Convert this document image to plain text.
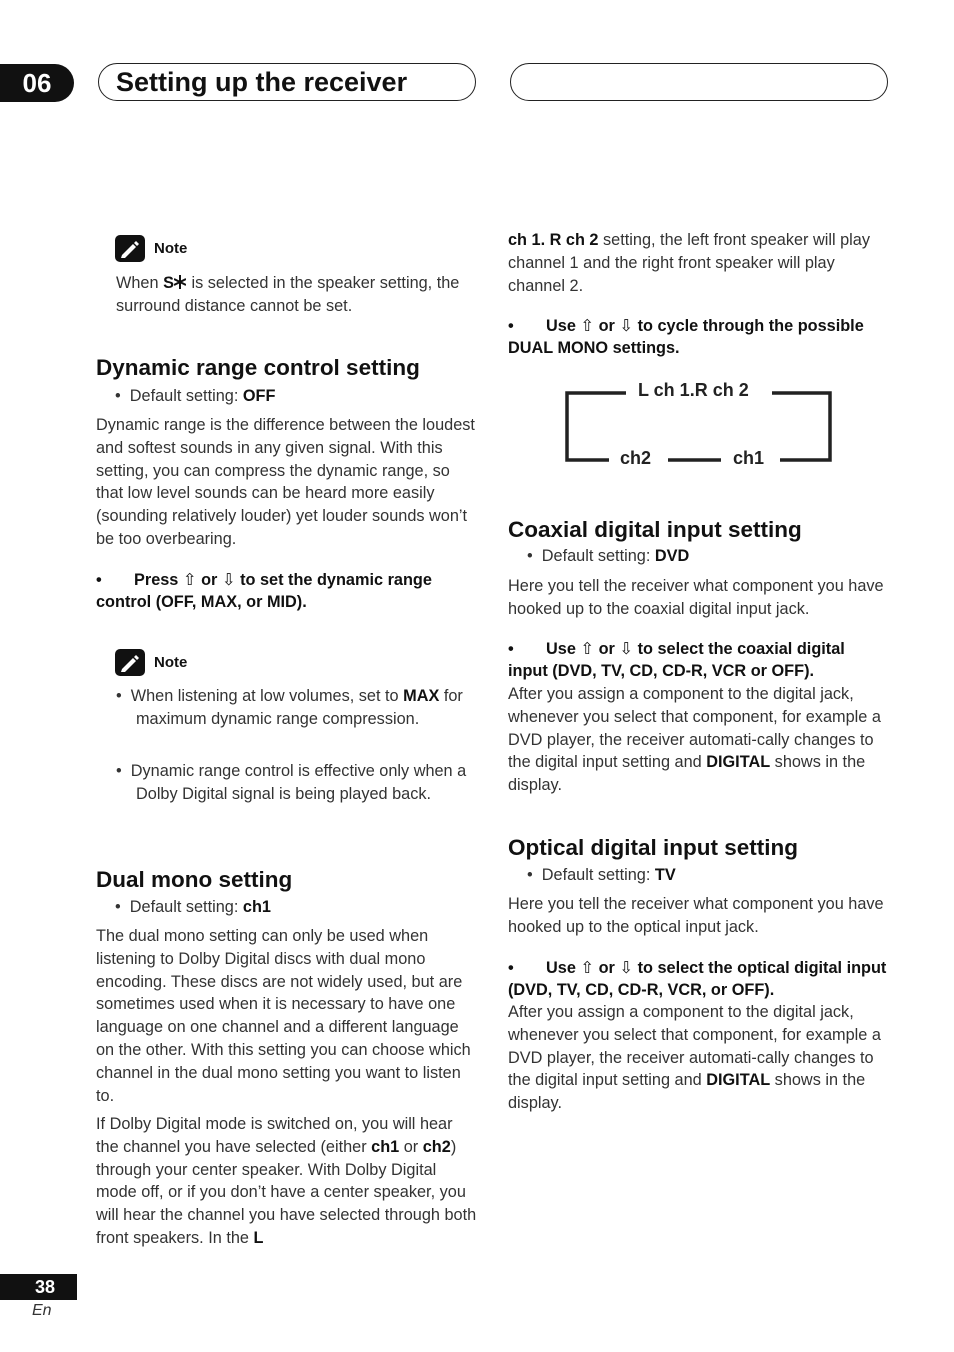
06	Setting up the receiver
Note

When S is selected in the speaker setting, the surround distance cannot be set.

Dynamic range control setting

•  Default setting: OFF

Dynamic range is the difference between the loudest and softest sounds in any given signal. With this setting, you can compress the dynamic range, so that low level sounds can be heard more easily (sounding relatively louder) yet louder sounds won’t be too overbearing.

• Press ⇧ or ⇩ to set the dynamic range control (OFF, MAX, or MID).

Note

•  When listening at low volumes, set to MAX for maximum dynamic range compression.

•  Dynamic range control is effective only when a Dolby Digital signal is being played back.

Dual mono setting

•  Default setting: ch1

The dual mono setting can only be used when listening to Dolby Digital discs with dual mono encoding. These discs are not widely used, but are sometimes used when it is necessary to have one language on one channel and a different language on the other. With this setting you can choose which channel in the dual mono setting you want to listen to.

If Dolby Digital mode is switched on, you will hear the channel you have selected (either ch1 or ch2) through your center speaker. With Dolby Digital mode off, or if you don’t have a center speaker, you will hear the channel you have selected through both front speakers. In the L

ch 1. R ch 2 setting, the left front speaker will play channel 1 and the right front speaker will play channel 2.

• Use ⇧ or ⇩ to cycle through the possible DUAL MONO settings.

L ch 1.R ch 2
ch2	ch1
Coaxial digital input setting

•  Default setting: DVD

Here you tell the receiver what component you have hooked up to the coaxial digital input jack.

• Use ⇧ or ⇩ to select the coaxial digital input (DVD, TV, CD, CD-R, VCR or OFF).

After you assign a component to the digital jack, whenever you select that component, for example a DVD player, the receiver automati-cally changes to the digital input setting and DIGITAL shows in the display.

Optical digital input setting

•  Default setting: TV

Here you tell the receiver what component you have hooked up to the optical input jack.

• Use ⇧ or ⇩ to select the optical digital input (DVD, TV, CD, CD-R, VCR, or OFF).

After you assign a component to the digital jack, whenever you select that component, for example a DVD player, the receiver automati-cally changes to the digital input setting and DIGITAL shows in the display.

38
En
